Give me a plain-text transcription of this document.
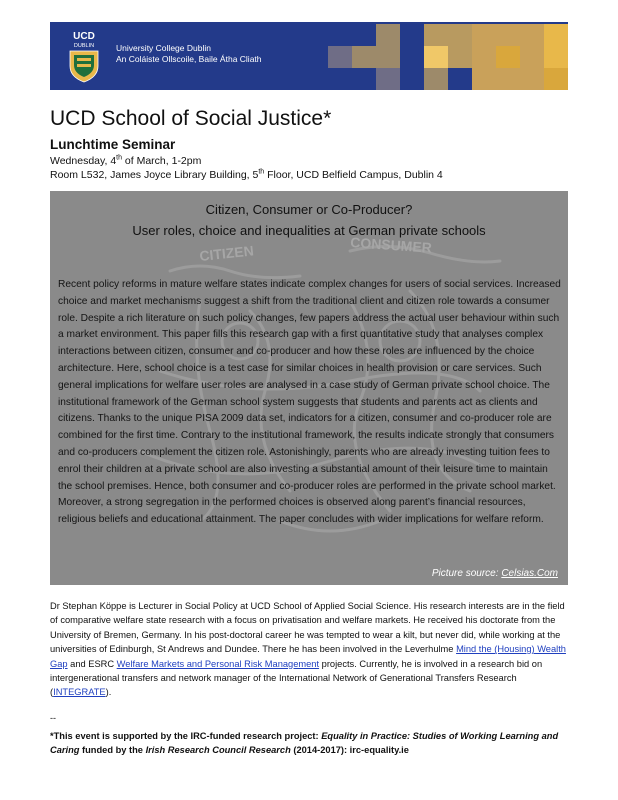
UCD
DUBLIN	University College Dublin
An Coláiste Ollscoile, Baile Átha Cliath
UCD School of Social Justice*
Lunchtime Seminar
Wednesday, 4th of March, 1-2pm
Room L532, James Joyce Library Building, 5th Floor, UCD Belfield Campus, Dublin 4
CITIZEN	CONSUMER
Citizen, Consumer or Co-Producer?
User roles, choice and inequalities at German private schools
Recent policy reforms in mature welfare states indicate complex changes for users of social services. Increased choice and market mechanisms suggest a shift from the traditional client and citizen role towards a consumer role. Despite a rich literature on such policy changes, few papers address the actual user behaviour within such a market environment. This paper fills this research gap with a first quantitative study that analyses complex interactions between citizen, consumer and co-producer and how these roles are influenced by the choice architecture. Here, school choice is a test case for similar choices in health provision or care services. Such general implications for welfare user roles are analysed in a case study of German private school choice. The institutional framework of the German school system suggests that students and parents act as clients and citizens. Thanks to the unique PISA 2009 data set, indicators for a citizen, consumer and co-producer role are combined for the first time. Contrary to the institutional framework, the results indicate strongly that consumers and co-producers complement the citizen role. Astonishingly, parents who are already investing tuition fees to enrol their children at a private school are also investing a substantial amount of their leisure time to maintain the school premises. Hence, both consumer and co-producer roles are performed in the private school market. Moreover, a strong segregation in the performed choices is observed along parent’s financial resources, religious beliefs and educational attainment. The paper concludes with wider implications for welfare reform.
Picture source: Celsias.Com
Dr Stephan Köppe is Lecturer in Social Policy at UCD School of Applied Social Science. His research interests are in the field of comparative welfare state research with a focus on privatisation and welfare markets. He received his doctorate from the University of Bremen, Germany. In his post-doctoral career he was tempted to wear a kilt, but never did, while working at the universities of Edinburgh, St Andrews and Dundee. There he has been involved in the Leverhulme Mind the (Housing) Wealth Gap and ESRC Welfare Markets and Personal Risk Management projects. Currently, he is involved in a research bid on intergenerational transfers and network manager of the International Network of Generational Transfers Research (INTEGRATE).
--
*This event is supported by the IRC-funded research project: Equality in Practice: Studies of Working Learning and Caring funded by the Irish Research Council Research (2014-2017): irc-equality.ie
